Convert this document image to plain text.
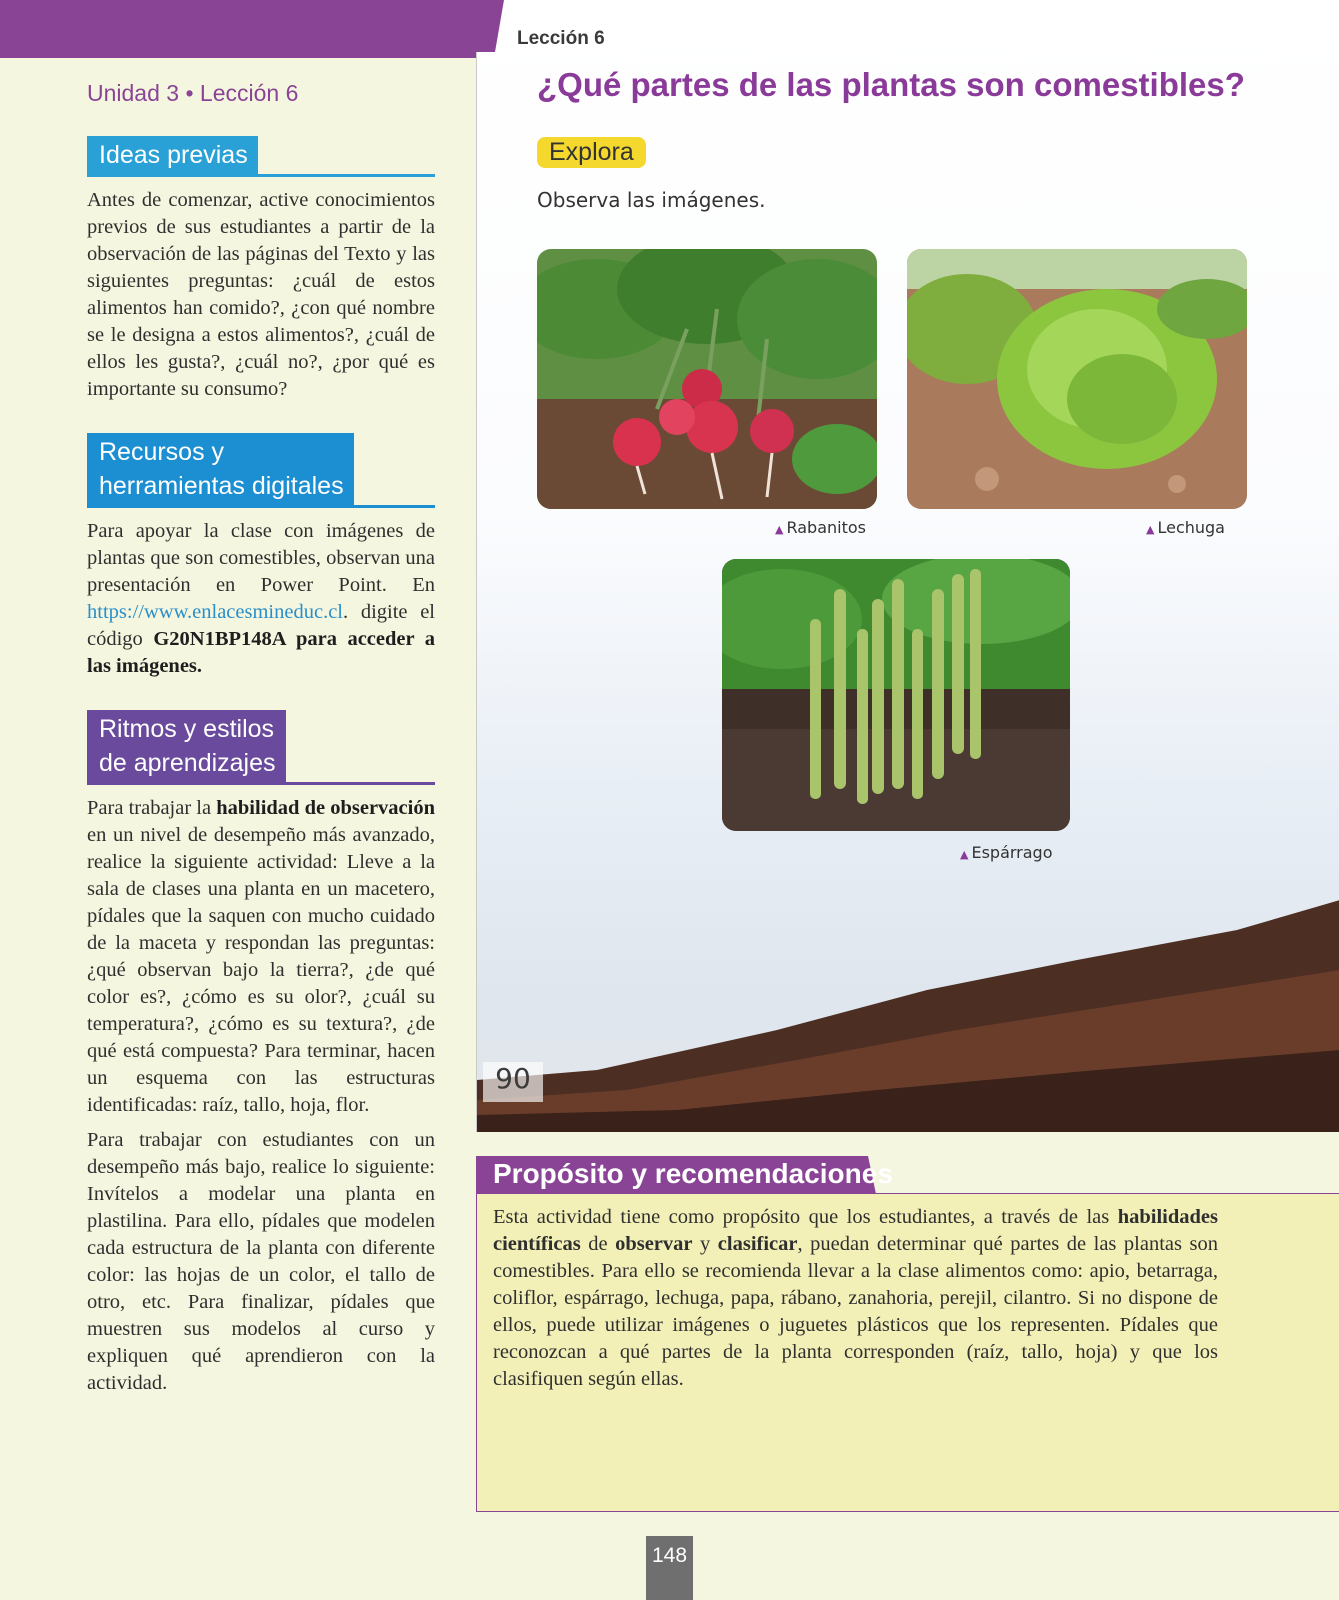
Unidad 3 • Lección 6
Ideas previas

Antes de comenzar, active conocimientos previos de sus estudiantes a partir de la observación de las páginas del Texto y las siguientes preguntas: ¿cuál de estos alimentos han comido?, ¿con qué nombre se le designa a estos alimentos?, ¿cuál de ellos les gusta?, ¿cuál no?, ¿por qué es importante su consumo?

Recursos y
herramientas digitales

Para apoyar la clase con imágenes de plantas que son comestibles, observan una presentación en Power Point. En https://www.enlacesmineduc.cl. digite el código G20N1BP148A para acceder a las imágenes.

Ritmos y estilos
de aprendizajes

Para trabajar la habilidad de observación en un nivel de desempeño más avanzado, realice la siguiente actividad: Lleve a la sala de clases una planta en un macetero, pídales que la saquen con mucho cuidado de la maceta y respondan las preguntas: ¿qué observan bajo la tierra?, ¿de qué color es?, ¿cómo es su olor?, ¿cuál su temperatura?, ¿cómo es su textura?, ¿de qué está compuesta? Para terminar, hacen un esquema con las estructuras identificadas: raíz, tallo, hoja, flor.

Para trabajar con estudiantes con un desempeño más bajo, realice lo siguiente: Invítelos a modelar una planta en plastilina. Para ello, pídales que modelen cada estructura de la planta con diferente color: las hojas de un color, el tallo de otro, etc. Para finalizar, pídales que muestren sus modelos al curso y expliquen qué aprendieron con la actividad.

Lección 6
¿Qué partes de las plantas son comestibles?
Explora
Observa las imágenes.
▲ Rabanitos	▲ Lechuga
▲ Espárrago
90
Propósito y recomendaciones

Esta actividad tiene como propósito que los estudiantes, a través de las habilidades científicas de observar y clasificar, puedan determinar qué partes de las plantas son comestibles. Para ello se recomienda llevar a la clase alimentos como: apio, betarraga, coliflor, espárrago, lechuga, papa, rábano, zanahoria, perejil, cilantro. Si no dispone de ellos, puede utilizar imágenes o juguetes plásticos que los representen. Pídales que reconozcan a qué partes de la planta corresponden (raíz, tallo, hoja) y que los clasifiquen según ellas.

148
